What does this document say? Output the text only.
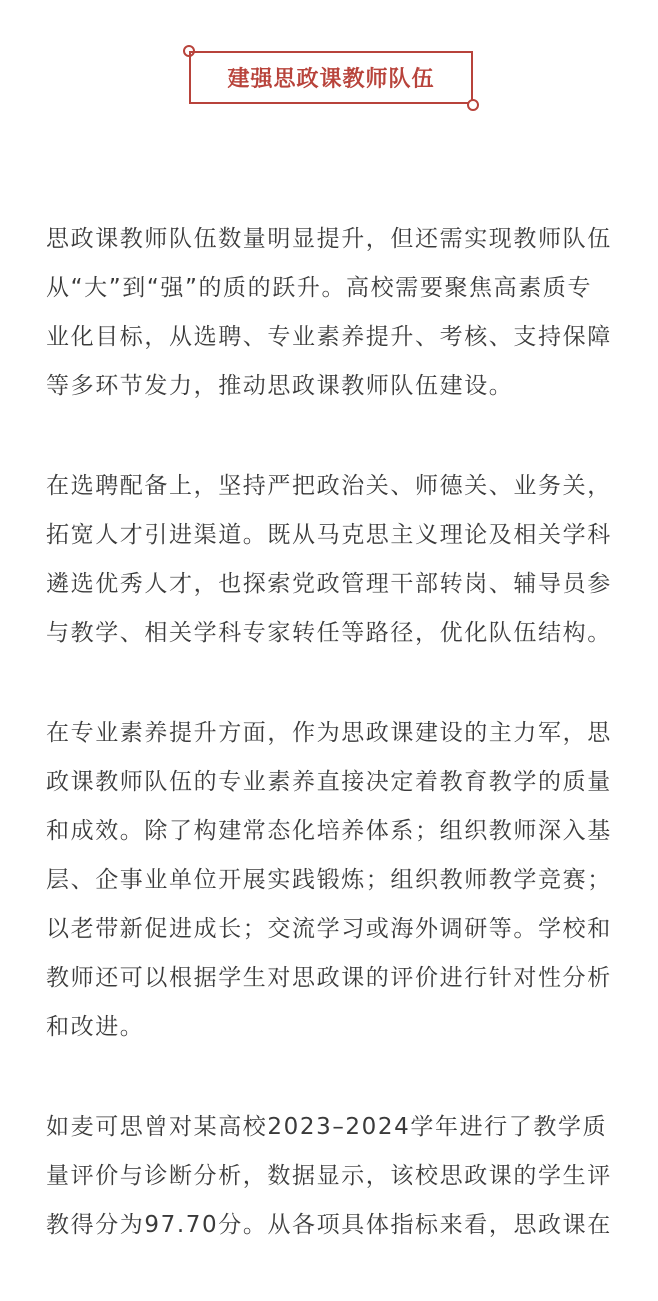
建强思政课教师队伍

思政课教师队伍数量明显提升，但还需实现教师队伍
从“大”到“强”的质的跃升。高校需要聚焦高素质专
业化目标，从选聘、专业素养提升、考核、支持保障
等多环节发力，推动思政课教师队伍建设。

在选聘配备上，坚持严把政治关、师德关、业务关，
拓宽人才引进渠道。既从马克思主义理论及相关学科
遴选优秀人才，也探索党政管理干部转岗、辅导员参
与教学、相关学科专家转任等路径，优化队伍结构。

在专业素养提升方面，作为思政课建设的主力军，思
政课教师队伍的专业素养直接决定着教育教学的质量
和成效。除了构建常态化培养体系；组织教师深入基
层、企事业单位开展实践锻炼；组织教师教学竞赛；
以老带新促进成长；交流学习或海外调研等。学校和
教师还可以根据学生对思政课的评价进行针对性分析
和改进。

如麦可思曾对某高校2023–2024学年进行了教学质
量评价与诊断分析，数据显示，该校思政课的学生评
教得分为97.70分。从各项具体指标来看，思政课在
